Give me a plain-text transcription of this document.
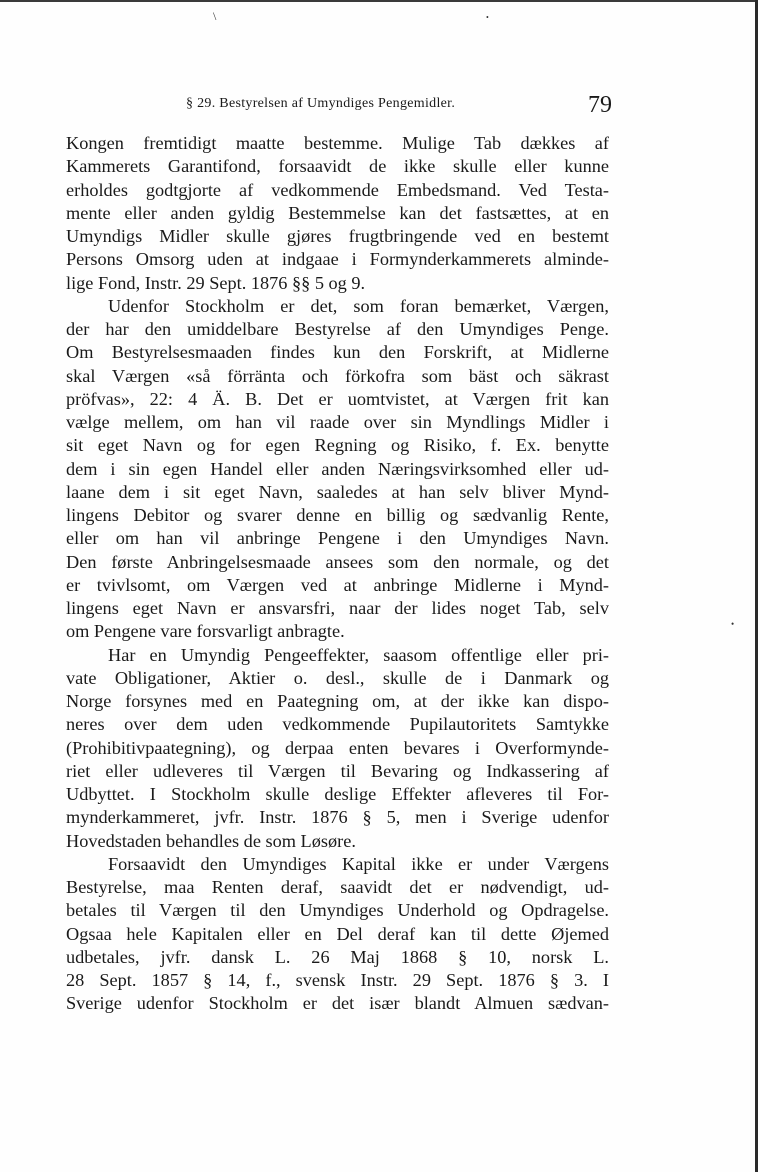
\	•
•
§ 29. Bestyrelsen af Umyndiges Pengemidler.	79
Kongen fremtidigt maatte bestemme. Mulige Tab dækkes af
Kammerets Garantifond, forsaavidt de ikke skulle eller kunne
erholdes godtgjorte af vedkommende Embedsmand. Ved Testa-
mente eller anden gyldig Bestemmelse kan det fastsættes, at en
Umyndigs Midler skulle gjøres frugtbringende ved en bestemt
Persons Omsorg uden at indgaae i Formynderkammerets alminde-
lige Fond, Instr. 29 Sept. 1876 §§ 5 og 9.
Udenfor Stockholm er det, som foran bemærket, Værgen,
der har den umiddelbare Bestyrelse af den Umyndiges Penge.
Om Bestyrelsesmaaden findes kun den Forskrift, at Midlerne
skal Værgen «så förränta och förkofra som bäst och säkrast
pröfvas», 22: 4 Ä. B. Det er uomtvistet, at Værgen frit kan
vælge mellem, om han vil raade over sin Myndlings Midler i
sit eget Navn og for egen Regning og Risiko, f. Ex. benytte
dem i sin egen Handel eller anden Næringsvirksomhed eller ud-
laane dem i sit eget Navn, saaledes at han selv bliver Mynd-
lingens Debitor og svarer denne en billig og sædvanlig Rente,
eller om han vil anbringe Pengene i den Umyndiges Navn.
Den første Anbringelsesmaade ansees som den normale, og det
er tvivlsomt, om Værgen ved at anbringe Midlerne i Mynd-
lingens eget Navn er ansvarsfri, naar der lides noget Tab, selv
om Pengene vare forsvarligt anbragte.
Har en Umyndig Pengeeffekter, saasom offentlige eller pri-
vate Obligationer, Aktier o. desl., skulle de i Danmark og
Norge forsynes med en Paategning om, at der ikke kan dispo-
neres over dem uden vedkommende Pupilautoritets Samtykke
(Prohibitivpaategning), og derpaa enten bevares i Overformynde-
riet eller udleveres til Værgen til Bevaring og Indkassering af
Udbyttet. I Stockholm skulle deslige Effekter afleveres til For-
mynderkammeret, jvfr. Instr. 1876 § 5, men i Sverige udenfor
Hovedstaden behandles de som Løsøre.
Forsaavidt den Umyndiges Kapital ikke er under Værgens
Bestyrelse, maa Renten deraf, saavidt det er nødvendigt, ud-
betales til Værgen til den Umyndiges Underhold og Opdragelse.
Ogsaa hele Kapitalen eller en Del deraf kan til dette Øjemed
udbetales, jvfr. dansk L. 26 Maj 1868 § 10, norsk L.
28 Sept. 1857 § 14, f., svensk Instr. 29 Sept. 1876 § 3. I
Sverige udenfor Stockholm er det især blandt Almuen sædvan-
